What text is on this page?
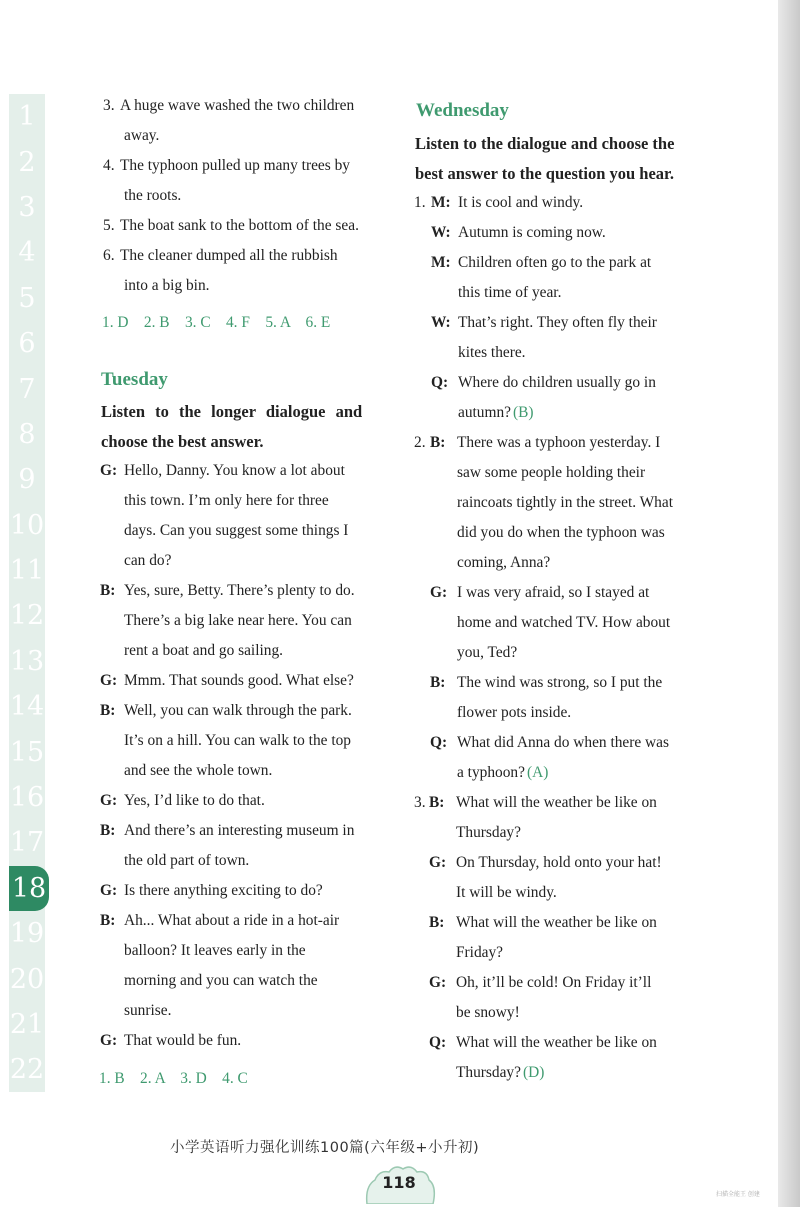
1
2
3
4
5
6
7
8
9
10
11
12
13
14
15
16
17
18
19
20
21
22
3. A huge wave washed the two children
away.
4. The typhoon pulled up many trees by
the roots.
5. The boat sank to the bottom of the sea.
6. The cleaner dumped all the rubbish
into a big bin.
1. D　2. B　3. C　4. F　5. A　6. E
Tuesday
Listen to the longer dialogue and
choose the best answer.
G: Hello, Danny. You know a lot about
this town. I’m only here for three
days. Can you suggest some things I
can do?
B: Yes, sure, Betty. There’s plenty to do.
There’s a big lake near here. You can
rent a boat and go sailing.
G: Mmm. That sounds good. What else?
B: Well, you can walk through the park.
It’s on a hill. You can walk to the top
and see the whole town.
G: Yes, I’d like to do that.
B: And there’s an interesting museum in
the old part of town.
G: Is there anything exciting to do?
B: Ah... What about a ride in a hot-air
balloon? It leaves early in the
morning and you can watch the
sunrise.
G: That would be fun.
1. B　2. A　3. D　4. C
Wednesday
Listen to the dialogue and choose the
best answer to the question you hear.
1. M: It is cool and windy.
W: Autumn is coming now.
M: Children often go to the park at
this time of year.
W: That’s right. They often fly their
kites there.
Q: Where do children usually go in
autumn? (B)
2. B: There was a typhoon yesterday. I
saw some people holding their
raincoats tightly in the street. What
did you do when the typhoon was
coming, Anna?
G: I was very afraid, so I stayed at
home and watched TV. How about
you, Ted?
B: The wind was strong, so I put the
flower pots inside.
Q: What did Anna do when there was
a typhoon? (A)
3. B: What will the weather be like on
Thursday?
G: On Thursday, hold onto your hat!
It will be windy.
B: What will the weather be like on
Friday?
G: Oh, it’ll be cold! On Friday it’ll
be snowy!
Q: What will the weather be like on
Thursday? (D)
小学英语听力强化训练100篇(六年级+小升初)
118
扫描全能王 创建
